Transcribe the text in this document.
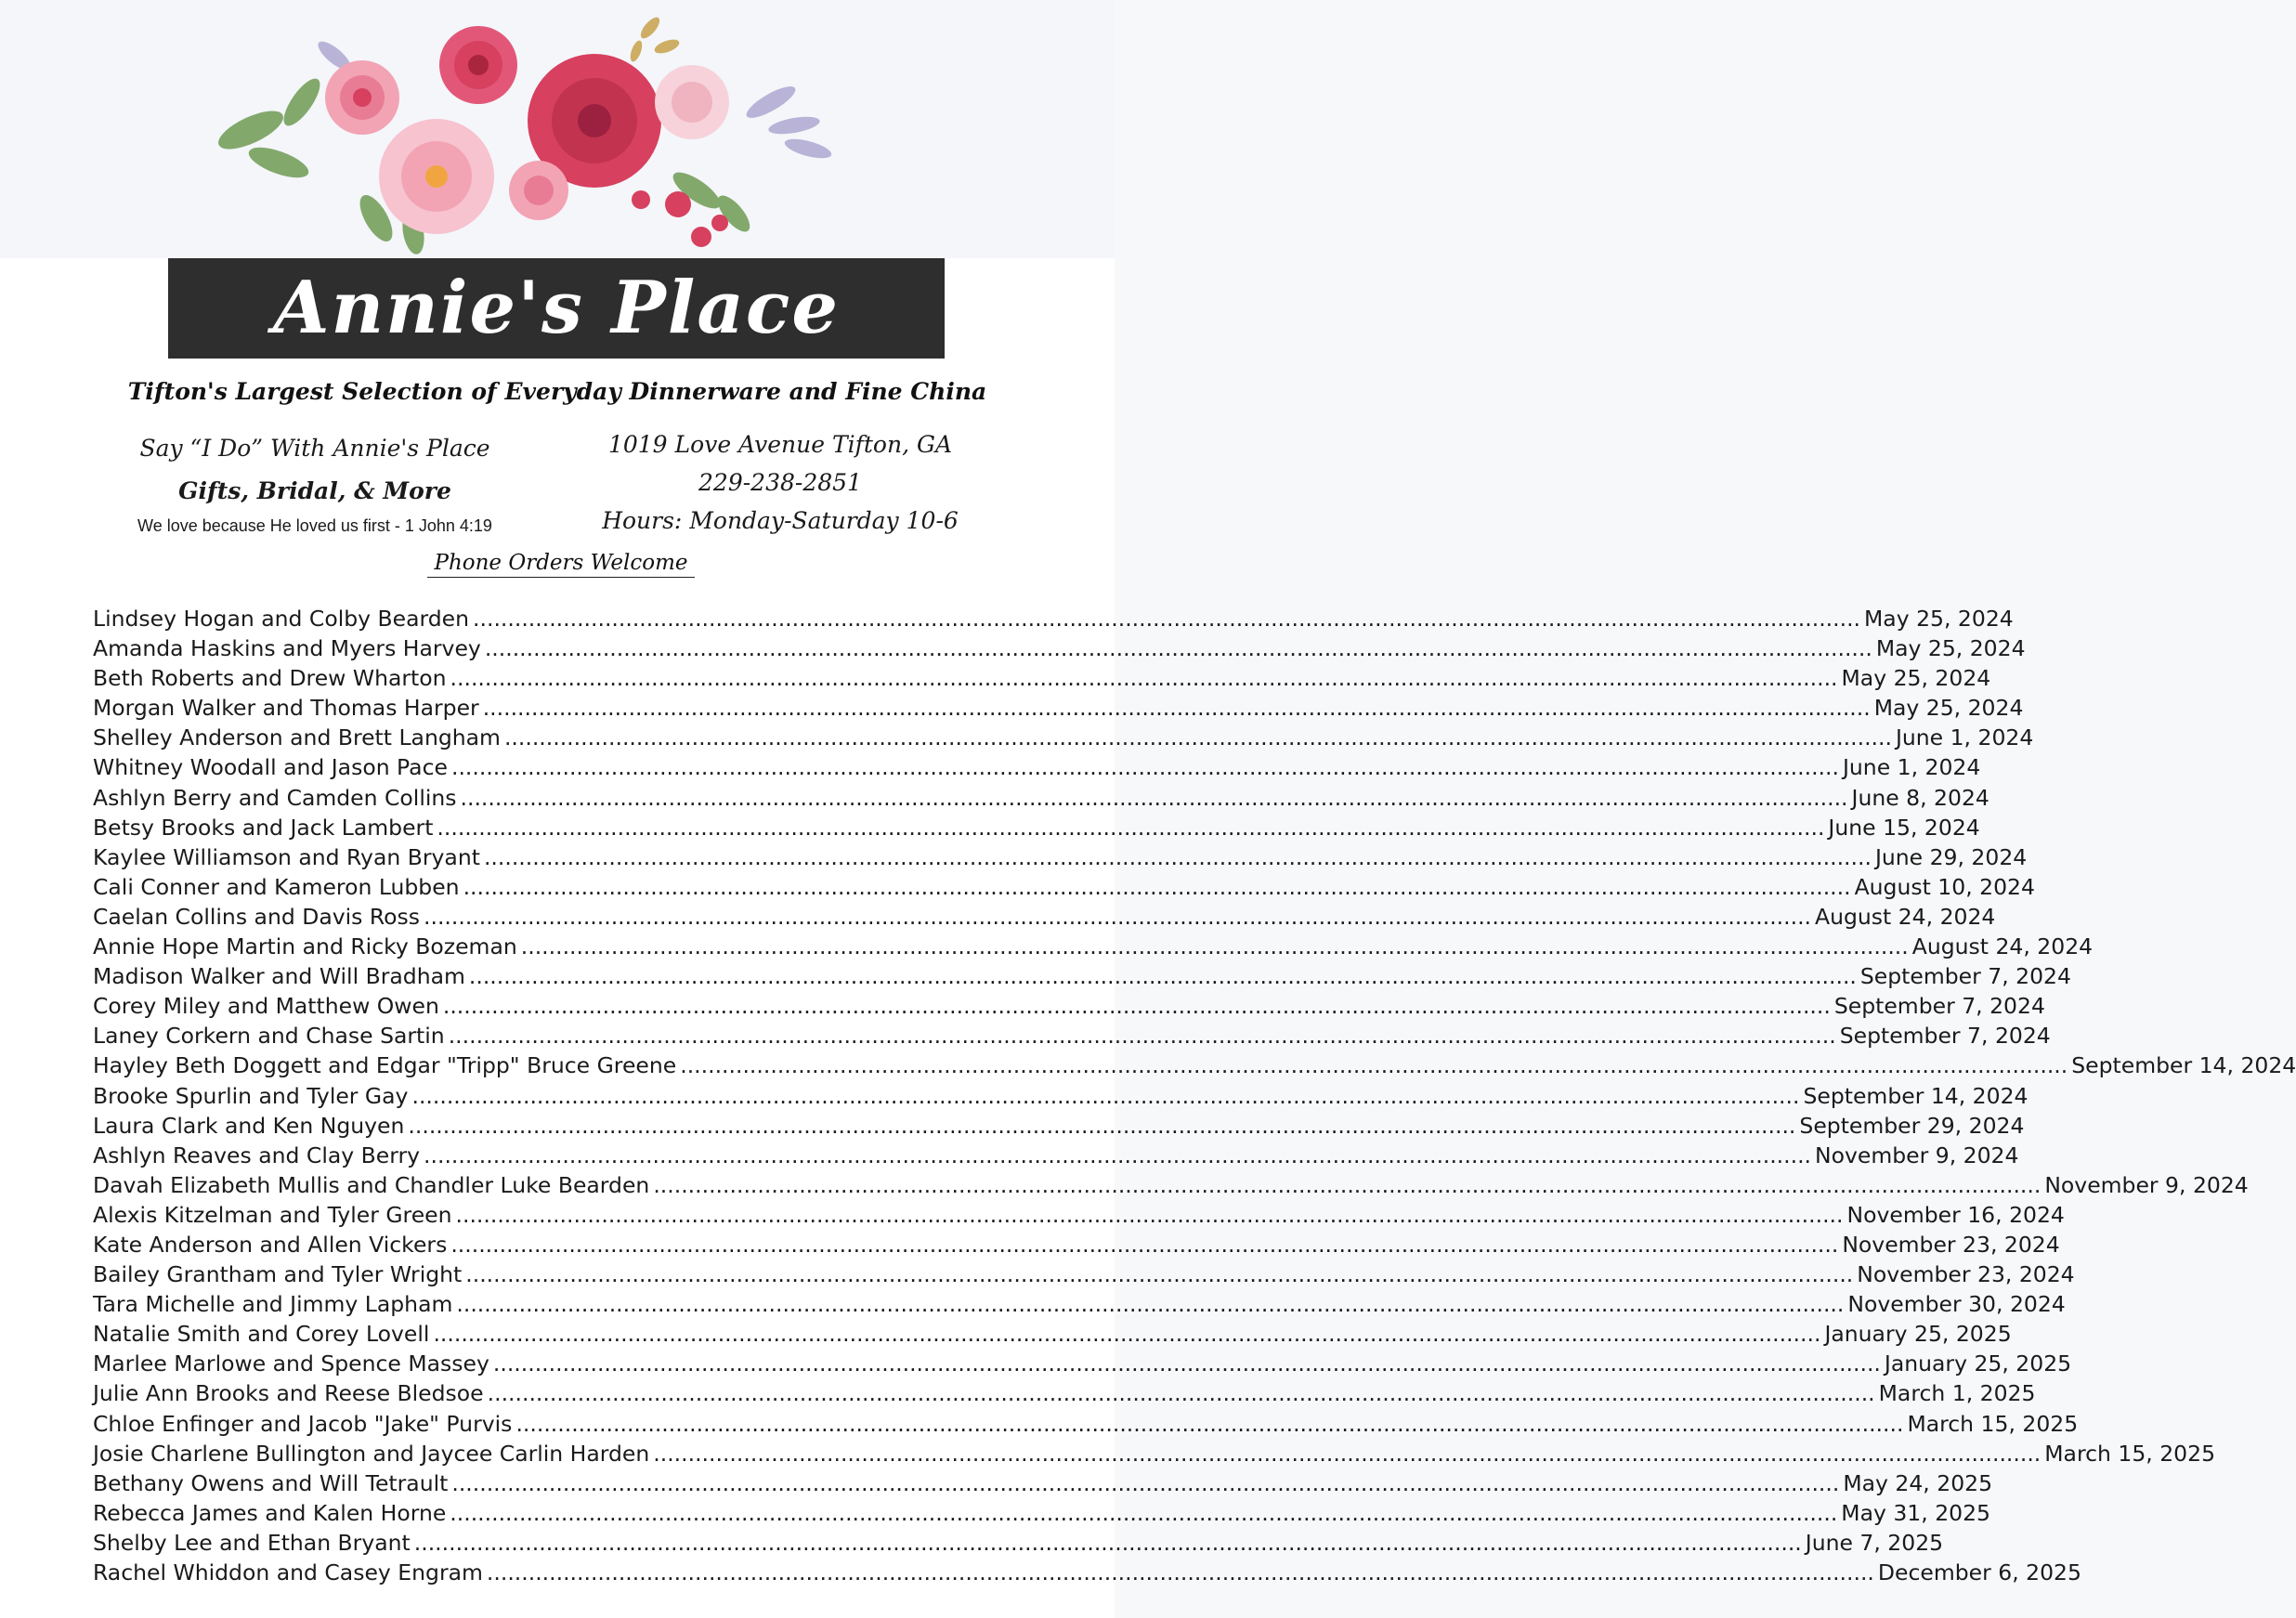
Annie's Place
Tifton's Largest Selection of Everyday Dinnerware and Fine China
Say “I Do” With Annie's Place
Gifts, Bridal, & More
We love because He loved us first - 1 John 4:19
1019 Love Avenue Tifton, GA
229-238-2851
Hours: Monday-Saturday 10-6
Phone Orders Welcome
Lindsey Hogan and Colby Bearden ........................................................................................................................................................................................................ May 25, 2024
Amanda Haskins and Myers Harvey ........................................................................................................................................................................................................ May 25, 2024
Beth Roberts and Drew Wharton ........................................................................................................................................................................................................ May 25, 2024
Morgan Walker and Thomas Harper ........................................................................................................................................................................................................ May 25, 2024
Shelley Anderson and Brett Langham ........................................................................................................................................................................................................ June 1, 2024
Whitney Woodall and Jason Pace ........................................................................................................................................................................................................ June 1, 2024
Ashlyn Berry and Camden Collins ........................................................................................................................................................................................................ June 8, 2024
Betsy Brooks and Jack Lambert ........................................................................................................................................................................................................ June 15, 2024
Kaylee Williamson and Ryan Bryant ........................................................................................................................................................................................................ June 29, 2024
Cali Conner and Kameron Lubben ........................................................................................................................................................................................................ August 10, 2024
Caelan Collins and Davis Ross ........................................................................................................................................................................................................ August 24, 2024
Annie Hope Martin and Ricky Bozeman ........................................................................................................................................................................................................ August 24, 2024
Madison Walker and Will Bradham ........................................................................................................................................................................................................ September 7, 2024
Corey Miley and Matthew Owen ........................................................................................................................................................................................................ September 7, 2024
Laney Corkern and Chase Sartin ........................................................................................................................................................................................................ September 7, 2024
Hayley Beth Doggett and Edgar "Tripp" Bruce Greene ........................................................................................................................................................................................................ September 14, 2024
Brooke Spurlin and Tyler Gay ........................................................................................................................................................................................................ September 14, 2024
Laura Clark and Ken Nguyen ........................................................................................................................................................................................................ September 29, 2024
Ashlyn Reaves and Clay Berry ........................................................................................................................................................................................................ November 9, 2024
Davah Elizabeth Mullis and Chandler Luke Bearden ........................................................................................................................................................................................................ November 9, 2024
Alexis Kitzelman and Tyler Green ........................................................................................................................................................................................................ November 16, 2024
Kate Anderson and Allen Vickers ........................................................................................................................................................................................................ November 23, 2024
Bailey Grantham and Tyler Wright ........................................................................................................................................................................................................ November 23, 2024
Tara Michelle and Jimmy Lapham ........................................................................................................................................................................................................ November 30, 2024
Natalie Smith and Corey Lovell ........................................................................................................................................................................................................ January 25, 2025
Marlee Marlowe and Spence Massey ........................................................................................................................................................................................................ January 25, 2025
Julie Ann Brooks and Reese Bledsoe ........................................................................................................................................................................................................ March 1, 2025
Chloe Enfinger and Jacob "Jake" Purvis ........................................................................................................................................................................................................ March 15, 2025
Josie Charlene Bullington and Jaycee Carlin Harden ........................................................................................................................................................................................................ March 15, 2025
Bethany Owens and Will Tetrault ........................................................................................................................................................................................................ May 24, 2025
Rebecca James and Kalen Horne ........................................................................................................................................................................................................ May 31, 2025
Shelby Lee and Ethan Bryant ........................................................................................................................................................................................................ June 7, 2025
Rachel Whiddon and Casey Engram ........................................................................................................................................................................................................ December 6, 2025
